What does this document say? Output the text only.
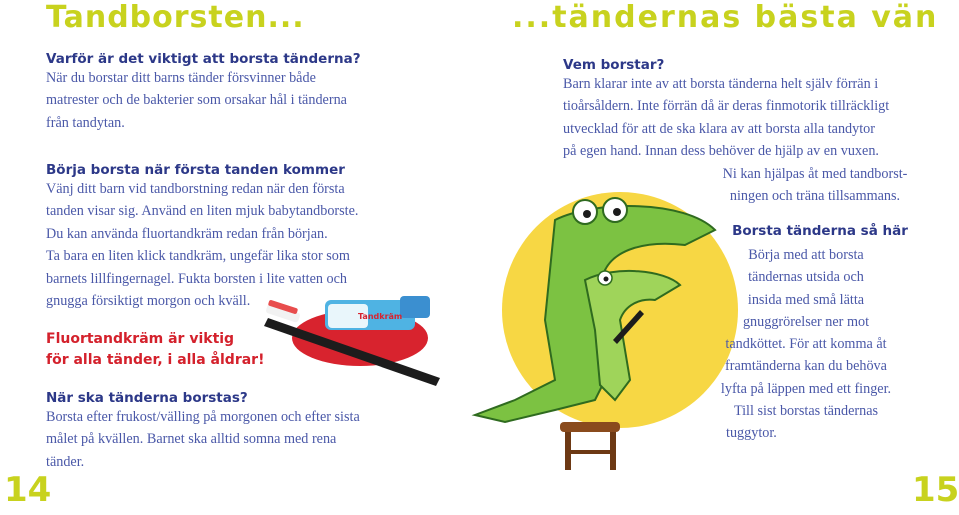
Tandborsten...	...tändernas bästa vän

Varför är det viktigt att borsta tänderna?

När du borstar ditt barns tänder försvinner både

matrester och de bakterier som orsakar hål i tänderna

från tandytan.

Börja borsta när första tanden kommer

Vänj ditt barn vid tandborstning redan när den första

tanden visar sig. Använd en liten mjuk babytandborste.

Du kan använda fluortandkräm redan från början.

Ta bara en liten klick tandkräm, ungefär lika stor som

barnets lillfingernagel. Fukta borsten i lite vatten och

gnugga försiktigt morgon och kväll.

Fluortandkräm är viktig
för alla tänder, i alla åldrar!

När ska tänderna borstas?

Borsta efter frukost/välling på morgonen och efter sista

målet på kvällen. Barnet ska alltid somna med rena

tänder.

Tandkräm
14

Vem borstar?

Barn klarar inte av att borsta tänderna helt själv förrän i

tioårsåldern. Inte förrän då är deras finmotorik tillräckligt

utvecklad för att de ska klara av att borsta alla tandytor

på egen hand. Innan dess behöver de hjälp av en vuxen.

Ni kan hjälpas åt med tandborst-
ningen och träna tillsammans.

Borsta tänderna så här

Börja med att borsta
tändernas utsida och
insida med små lätta
gnuggrörelser ner mot
tandköttet. För att komma åt
framtänderna kan du behöva
lyfta på läppen med ett finger.
Till sist borstas tändernas
tuggytor.
15
